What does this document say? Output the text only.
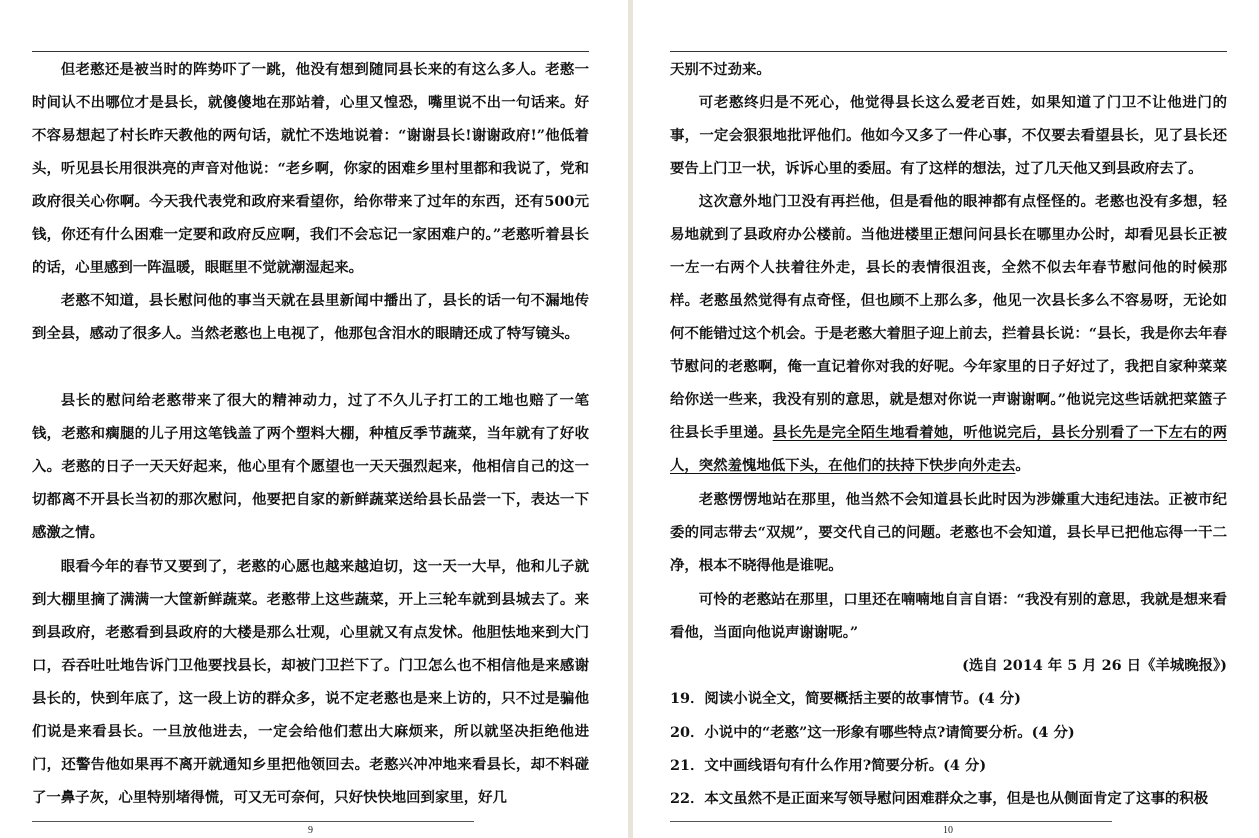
但老憨还是被当时的阵势吓了一跳，他没有想到随同县长来的有这么多人。老憨一时间认不出哪位才是县长，就傻傻地在那站着，心里又惶恐，嘴里说不出一句话来。好不容易想起了村长昨天教他的两句话，就忙不迭地说着：“谢谢县长!谢谢政府!”他低着头，听见县长用很洪亮的声音对他说：“老乡啊，你家的困难乡里村里都和我说了，党和政府很关心你啊。今天我代表党和政府来看望你，给你带来了过年的东西，还有500元钱，你还有什么困难一定要和政府反应啊，我们不会忘记一家困难户的。”老憨听着县长的话，心里感到一阵温暖，眼眶里不觉就潮湿起来。

老憨不知道，县长慰问他的事当天就在县里新闻中播出了，县长的话一句不漏地传到全县，感动了很多人。当然老憨也上电视了，他那包含泪水的眼睛还成了特写镜头。

县长的慰问给老憨带来了很大的精神动力，过了不久儿子打工的工地也赔了一笔钱，老憨和瘸腿的儿子用这笔钱盖了两个塑料大棚，种植反季节蔬菜，当年就有了好收入。老憨的日子一天天好起来，他心里有个愿望也一天天强烈起来，他相信自己的这一切都离不开县长当初的那次慰问，他要把自家的新鲜蔬菜送给县长品尝一下，表达一下感激之情。

眼看今年的春节又要到了，老憨的心愿也越来越迫切，这一天一大早，他和儿子就到大棚里摘了满满一大筐新鲜蔬菜。老憨带上这些蔬菜，开上三轮车就到县城去了。来到县政府，老憨看到县政府的大楼是那么壮观，心里就又有点发怵。他胆怯地来到大门口，吞吞吐吐地告诉门卫他要找县长，却被门卫拦下了。门卫怎么也不相信他是来感谢县长的，快到年底了，这一段上访的群众多，说不定老憨也是来上访的，只不过是骗他们说是来看县长。一旦放他进去，一定会给他们惹出大麻烦来，所以就坚决拒绝他进门，还警告他如果再不离开就通知乡里把他领回去。老憨兴冲冲地来看县长，却不料碰了一鼻子灰，心里特别堵得慌，可又无可奈何，只好快快地回到家里，好几

9

天别不过劲来。

可老憨终归是不死心，他觉得县长这么爱老百姓，如果知道了门卫不让他进门的事，一定会狠狠地批评他们。他如今又多了一件心事，不仅要去看望县长，见了县长还要告上门卫一状，诉诉心里的委屈。有了这样的想法，过了几天他又到县政府去了。

这次意外地门卫没有再拦他，但是看他的眼神都有点怪怪的。老憨也没有多想，轻易地就到了县政府办公楼前。当他进楼里正想问问县长在哪里办公时，却看见县长正被一左一右两个人扶着往外走，县长的表情很沮丧，全然不似去年春节慰问他的时候那样。老憨虽然觉得有点奇怪，但也顾不上那么多，他见一次县长多么不容易呀，无论如何不能错过这个机会。于是老憨大着胆子迎上前去，拦着县长说：“县长，我是你去年春节慰问的老憨啊，俺一直记着你对我的好呢。今年家里的日子好过了，我把自家种菜菜给你送一些来，我没有别的意思，就是想对你说一声谢谢啊。”他说完这些话就把菜篮子往县长手里递。县长先是完全陌生地看着她，听他说完后，县长分别看了一下左右的两人，突然羞愧地低下头，在他们的扶持下快步向外走去。

老憨愣愣地站在那里，他当然不会知道县长此时因为涉嫌重大违纪违法。正被市纪委的同志带去“双规”，要交代自己的问题。老憨也不会知道，县长早已把他忘得一干二净，根本不晓得他是谁呢。

可怜的老憨站在那里，口里还在喃喃地自言自语：“我没有别的意思，我就是想来看看他，当面向他说声谢谢呢。”

(选自 2014 年 5 月 26 日《羊城晚报》)
19．阅读小说全文，简要概括主要的故事情节。(4 分)
20．小说中的“老憨”这一形象有哪些特点?请简要分析。(4 分)
21．文中画线语句有什么作用?简要分析。(4 分)
22．本文虽然不是正面来写领导慰问困难群众之事，但是也从侧面肯定了这事的积极
10
